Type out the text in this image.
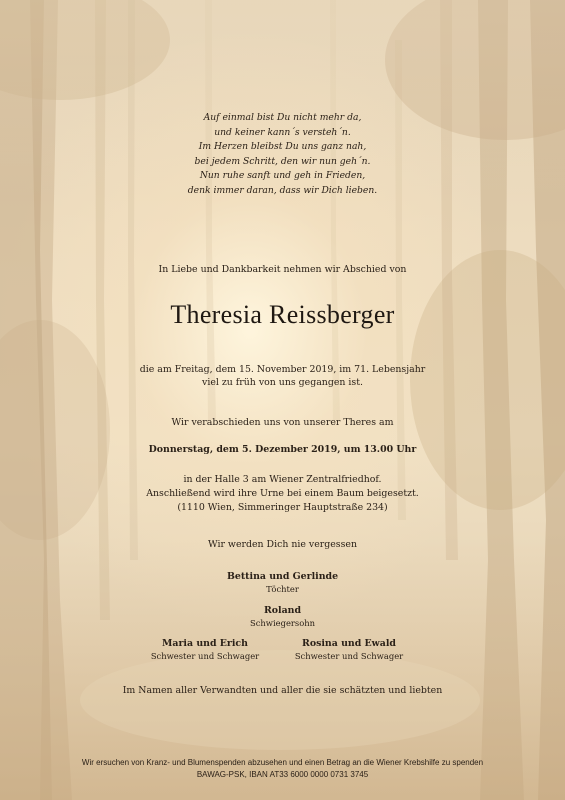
Auf einmal bist Du nicht mehr da,

und keiner kann´s versteh´n.

Im Herzen bleibst Du uns ganz nah,

bei jedem Schritt, den wir nun geh´n.

Nun ruhe sanft und geh in Frieden,

denk immer daran, dass wir Dich lieben.

In Liebe und Dankbarkeit nehmen wir Abschied von

Theresia Reissberger

die am Freitag, dem 15. November 2019, im 71. Lebensjahr

viel zu früh von uns gegangen ist.

Wir verabschieden uns von unserer Theres am

Donnerstag, dem 5. Dezember 2019, um 13.00 Uhr

in der Halle 3 am Wiener Zentralfriedhof.

Anschließend wird ihre Urne bei einem Baum beigesetzt.

(1110 Wien, Simmeringer Hauptstraße 234)

Wir werden Dich nie vergessen

Bettina und Gerlinde

Töchter

Roland

Schwiegersohn

Maria und Erich
Schwester und Schwager
Rosina und Ewald
Schwester und Schwager

Im Namen aller Verwandten und aller die sie schätzten und liebten

Wir ersuchen von Kranz- und Blumenspenden abzusehen und einen Betrag an die Wiener Krebshilfe zu spenden

BAWAG-PSK, IBAN AT33 6000 0000 0731 3745
